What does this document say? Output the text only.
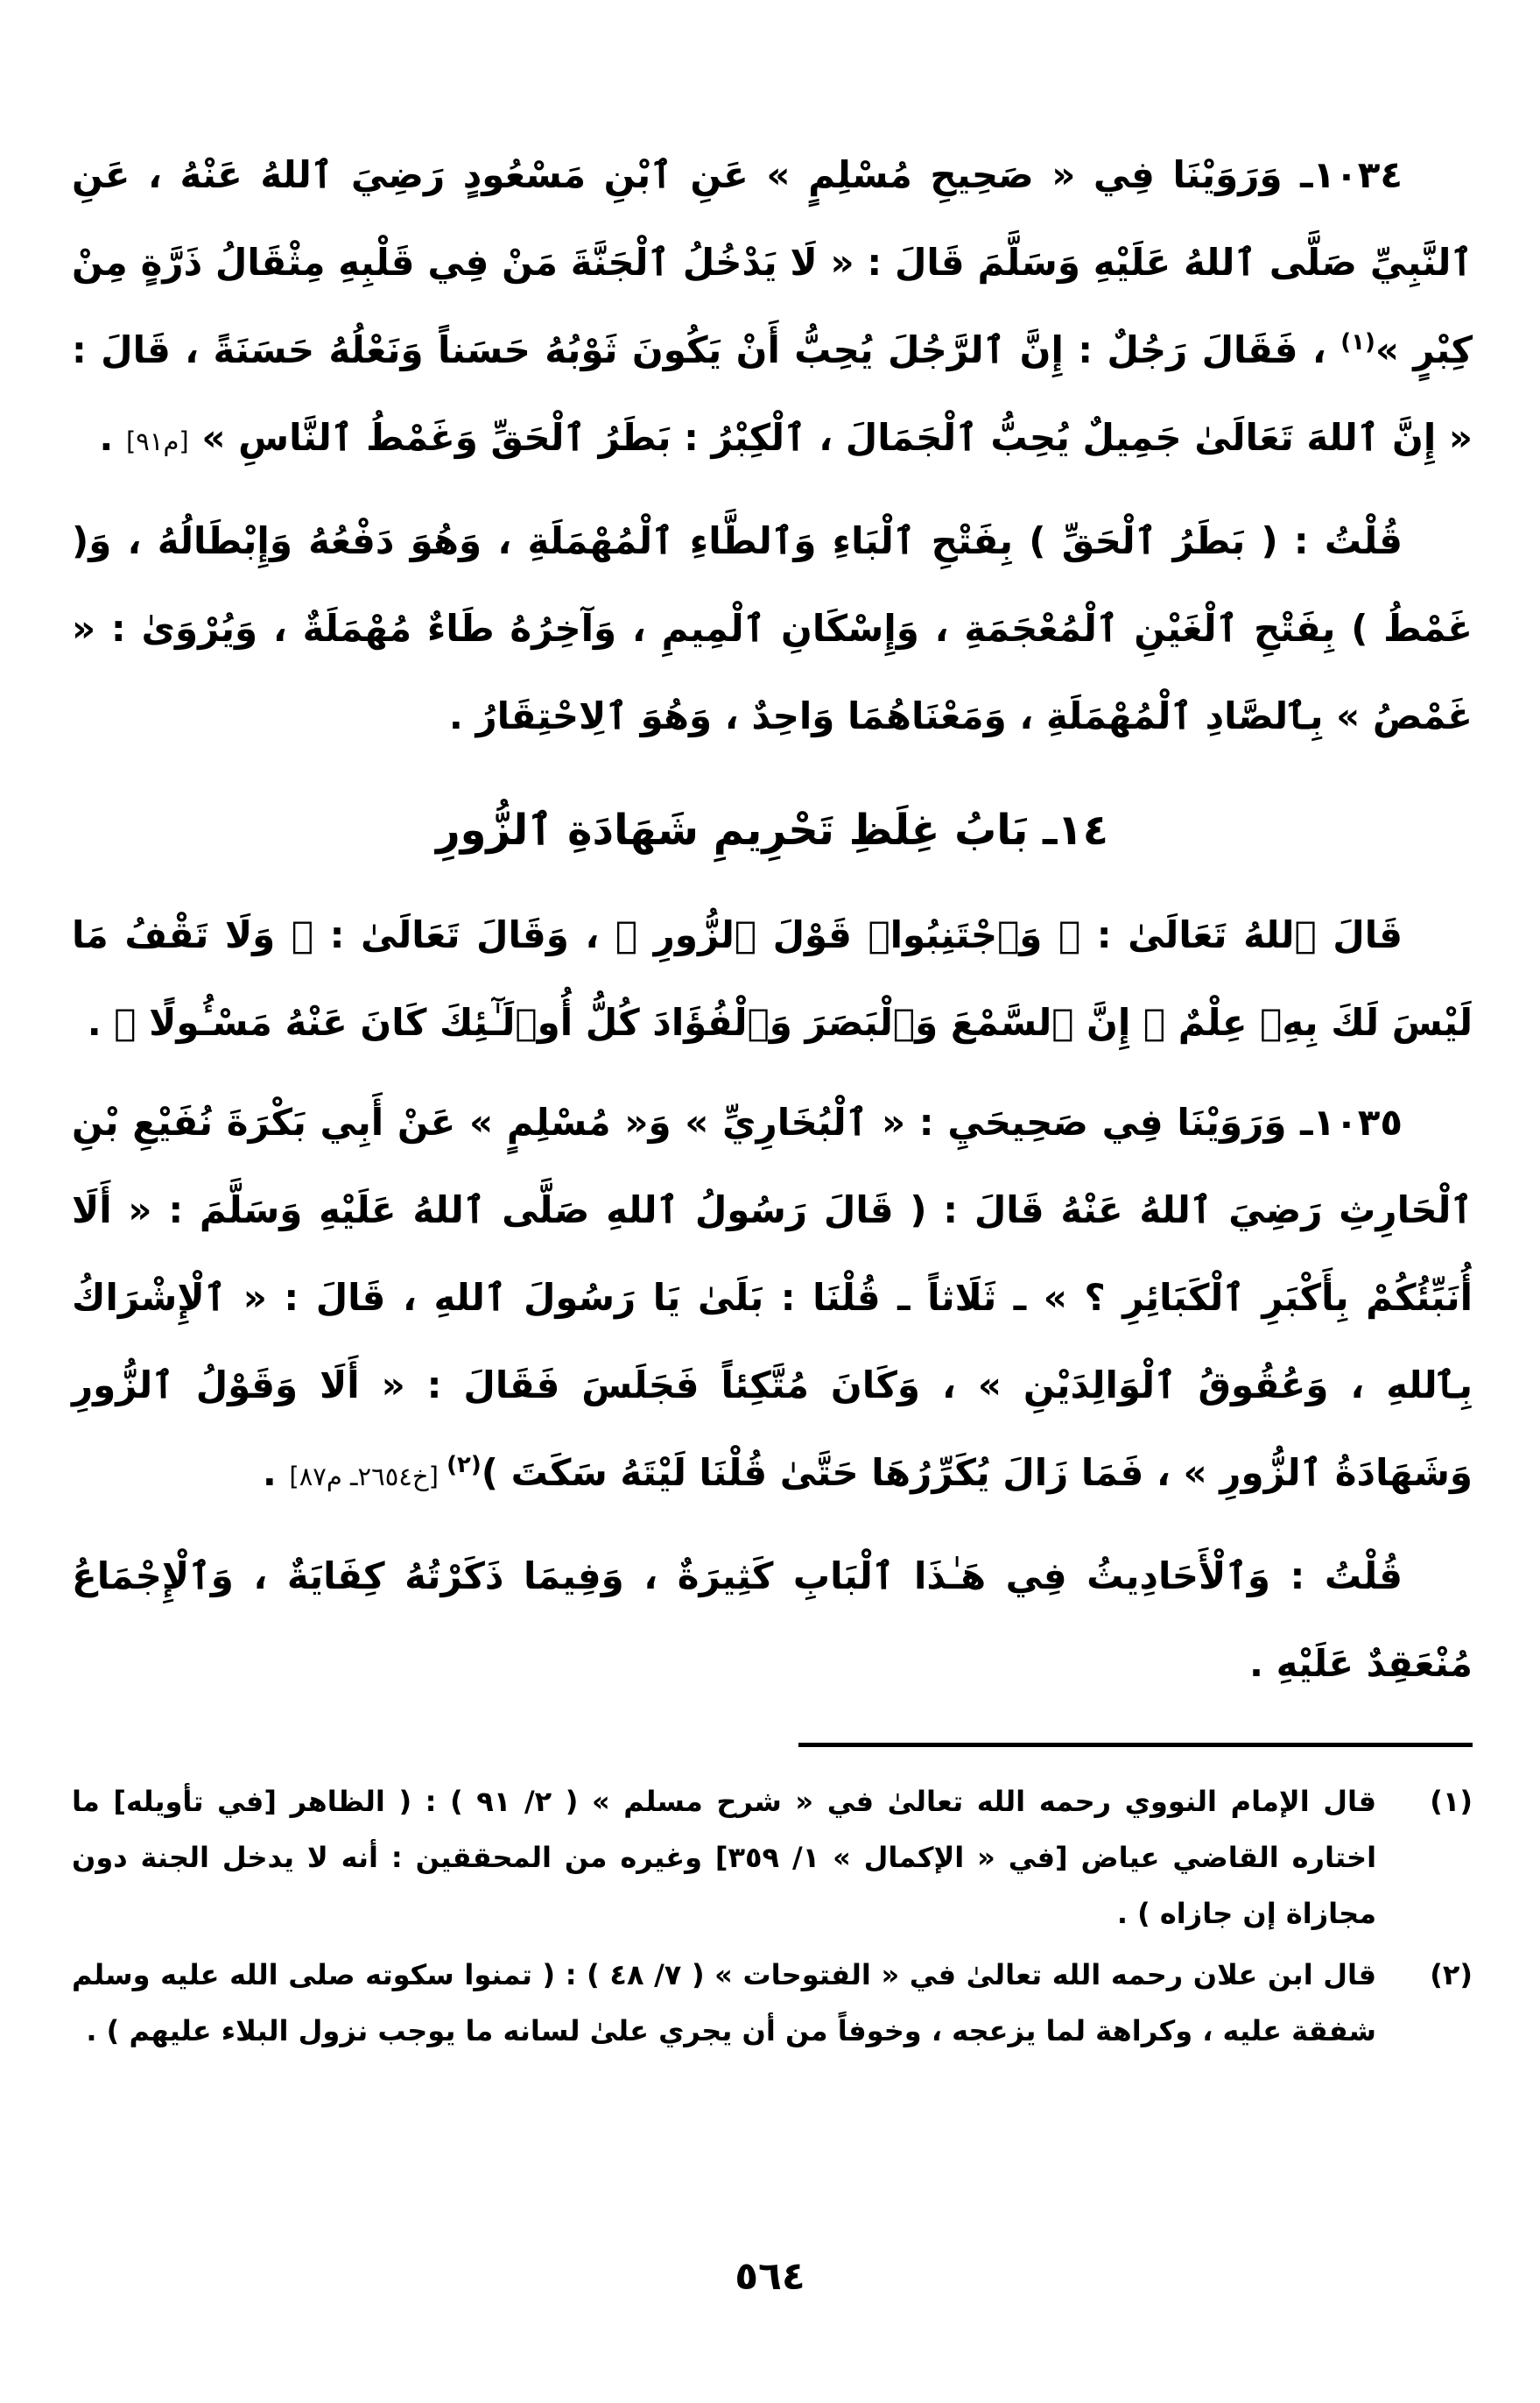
١٠٣٤ـ وَرَوَيْنَا فِي « صَحِيحِ مُسْلِمٍ » عَنِ ٱبْنِ مَسْعُودٍ رَضِيَ ٱللهُ عَنْهُ ، عَنِ ٱلنَّبِيِّ صَلَّى ٱللهُ عَلَيْهِ وَسَلَّمَ قَالَ : « لَا يَدْخُلُ ٱلْجَنَّةَ مَنْ فِي قَلْبِهِ مِثْقَالُ ذَرَّةٍ مِنْ كِبْرٍ »$^{(١)}$ ، فَقَالَ رَجُلٌ : إِنَّ ٱلرَّجُلَ يُحِبُّ أَنْ يَكُونَ ثَوْبُهُ حَسَناً وَنَعْلُهُ حَسَنَةً ، قَالَ : « إِنَّ ٱللهَ تَعَالَىٰ جَمِيلٌ يُحِبُّ ٱلْجَمَالَ ، ٱلْكِبْرُ : بَطَرُ ٱلْحَقِّ وَغَمْطُ ٱلنَّاسِ » [م٩١] .

قُلْتُ : ( بَطَرُ ٱلْحَقِّ ) بِفَتْحِ ٱلْبَاءِ وَٱلطَّاءِ ٱلْمُهْمَلَةِ ، وَهُوَ دَفْعُهُ وَإِبْطَالُهُ ، وَ( غَمْطُ ) بِفَتْحِ ٱلْغَيْنِ ٱلْمُعْجَمَةِ ، وَإِسْكَانِ ٱلْمِيمِ ، وَآخِرُهُ طَاءٌ مُهْمَلَةٌ ، وَيُرْوَىٰ : « غَمْصُ » بِٱلصَّادِ ٱلْمُهْمَلَةِ ، وَمَعْنَاهُمَا وَاحِدٌ ، وَهُوَ ٱلِاحْتِقَارُ .

١٤ـ بَابُ غِلَظِ تَحْرِيمِ شَهَادَةِ ٱلزُّورِ

قَالَ ٱللهُ تَعَالَىٰ : ﴿ وَٱجْتَنِبُوا۟ قَوْلَ ٱلزُّورِ ﴾ ، وَقَالَ تَعَالَىٰ : ﴿ وَلَا تَقْفُ مَا لَيْسَ لَكَ بِهِۦ عِلْمٌ ۚ إِنَّ ٱلسَّمْعَ وَٱلْبَصَرَ وَٱلْفُؤَادَ كُلُّ أُو۟لَـٰٓئِكَ كَانَ عَنْهُ مَسْـُٔولًا ﴾ .

١٠٣٥ـ وَرَوَيْنَا فِي صَحِيحَيِ : « ٱلْبُخَارِيِّ » وَ« مُسْلِمٍ » عَنْ أَبِي بَكْرَةَ نُفَيْعِ بْنِ ٱلْحَارِثِ رَضِيَ ٱللهُ عَنْهُ قَالَ : ( قَالَ رَسُولُ ٱللهِ صَلَّى ٱللهُ عَلَيْهِ وَسَلَّمَ : « أَلَا أُنَبِّئُكُمْ بِأَكْبَرِ ٱلْكَبَائِرِ ؟ » ـ ثَلَاثاً ـ قُلْنَا : بَلَىٰ يَا رَسُولَ ٱللهِ ، قَالَ : « ٱلْإِشْرَاكُ بِٱللهِ ، وَعُقُوقُ ٱلْوَالِدَيْنِ » ، وَكَانَ مُتَّكِئاً فَجَلَسَ فَقَالَ : « أَلَا وَقَوْلُ ٱلزُّورِ وَشَهَادَةُ ٱلزُّورِ » ، فَمَا زَالَ يُكَرِّرُهَا حَتَّىٰ قُلْنَا لَيْتَهُ سَكَتَ )$^{(٢)}$ [خ٢٦٥٤ـ م٨٧] .

قُلْتُ : وَٱلْأَحَادِيثُ فِي هَـٰذَا ٱلْبَابِ كَثِيرَةٌ ، وَفِيمَا ذَكَرْتُهُ كِفَايَةٌ ، وَٱلْإِجْمَاعُ مُنْعَقِدٌ عَلَيْهِ .

(١)
قال الإمام النووي رحمه الله تعالىٰ في « شرح مسلم » ( ٢/ ٩١ ) : ( الظاهر [في تأويله] ما اختاره القاضي عياض [في « الإكمال » ١/ ٣٥٩] وغيره من المحققين : أنه لا يدخل الجنة دون مجازاة إن جازاه ) .

(٢)
قال ابن علان رحمه الله تعالىٰ في « الفتوحات » ( ٧/ ٤٨ ) : ( تمنوا سكوته صلى الله عليه وسلم شفقة عليه ، وكراهة لما يزعجه ، وخوفاً من أن يجري علىٰ لسانه ما يوجب نزول البلاء عليهم ) .

٥٦٤
